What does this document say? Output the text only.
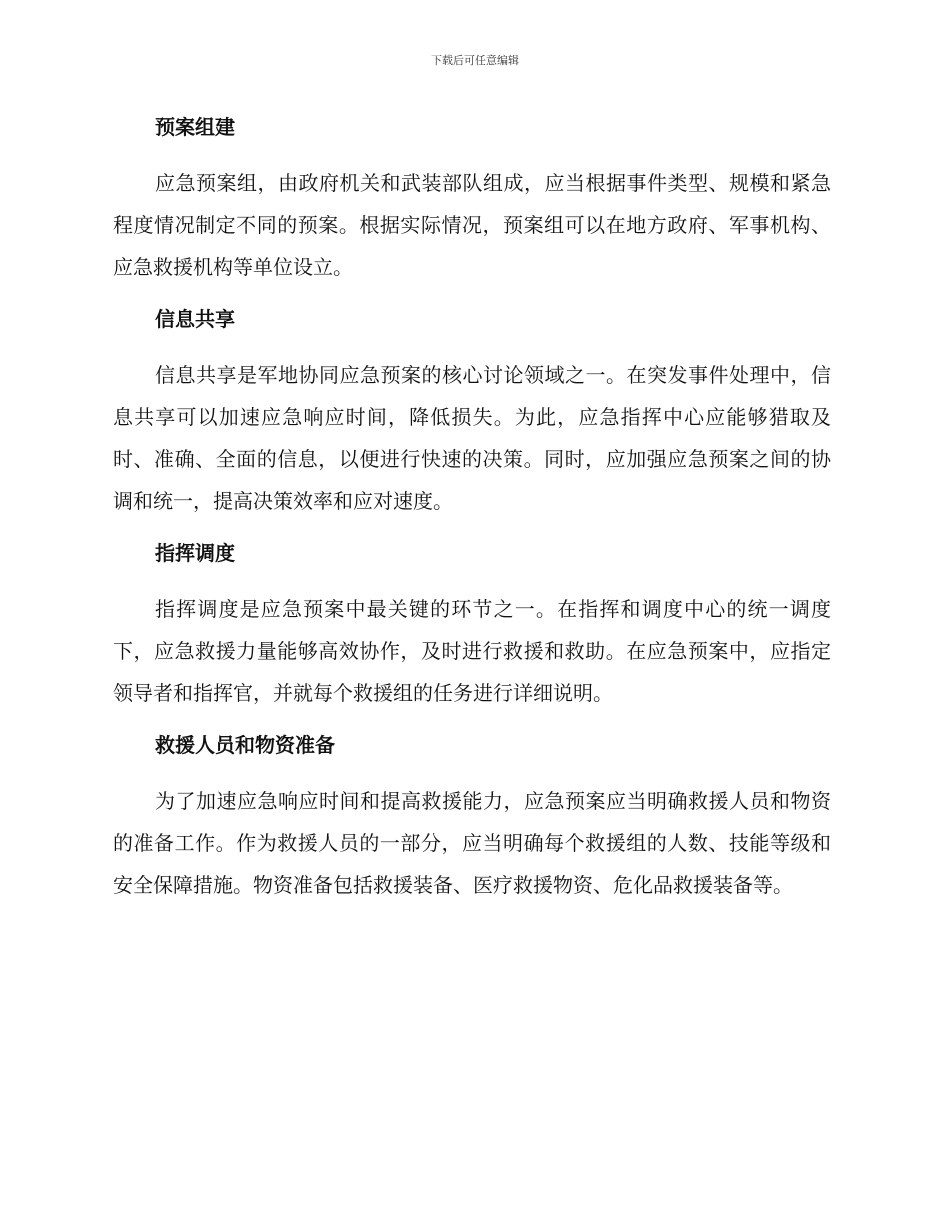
下载后可任意编辑
预案组建

应急预案组，由政府机关和武装部队组成，应当根据事件类型、规模和紧急程度情况制定不同的预案。根据实际情况，预案组可以在地方政府、军事机构、应急救援机构等单位设立。

信息共享

信息共享是军地协同应急预案的核心讨论领域之一。在突发事件处理中，信息共享可以加速应急响应时间，降低损失。为此，应急指挥中心应能够猎取及时、准确、全面的信息，以便进行快速的决策。同时，应加强应急预案之间的协调和统一，提高决策效率和应对速度。

指挥调度

指挥调度是应急预案中最关键的环节之一。在指挥和调度中心的统一调度下，应急救援力量能够高效协作，及时进行救援和救助。在应急预案中，应指定领导者和指挥官，并就每个救援组的任务进行详细说明。

救援人员和物资准备

为了加速应急响应时间和提高救援能力，应急预案应当明确救援人员和物资的准备工作。作为救援人员的一部分，应当明确每个救援组的人数、技能等级和安全保障措施。物资准备包括救援装备、医疗救援物资、危化品救援装备等。
